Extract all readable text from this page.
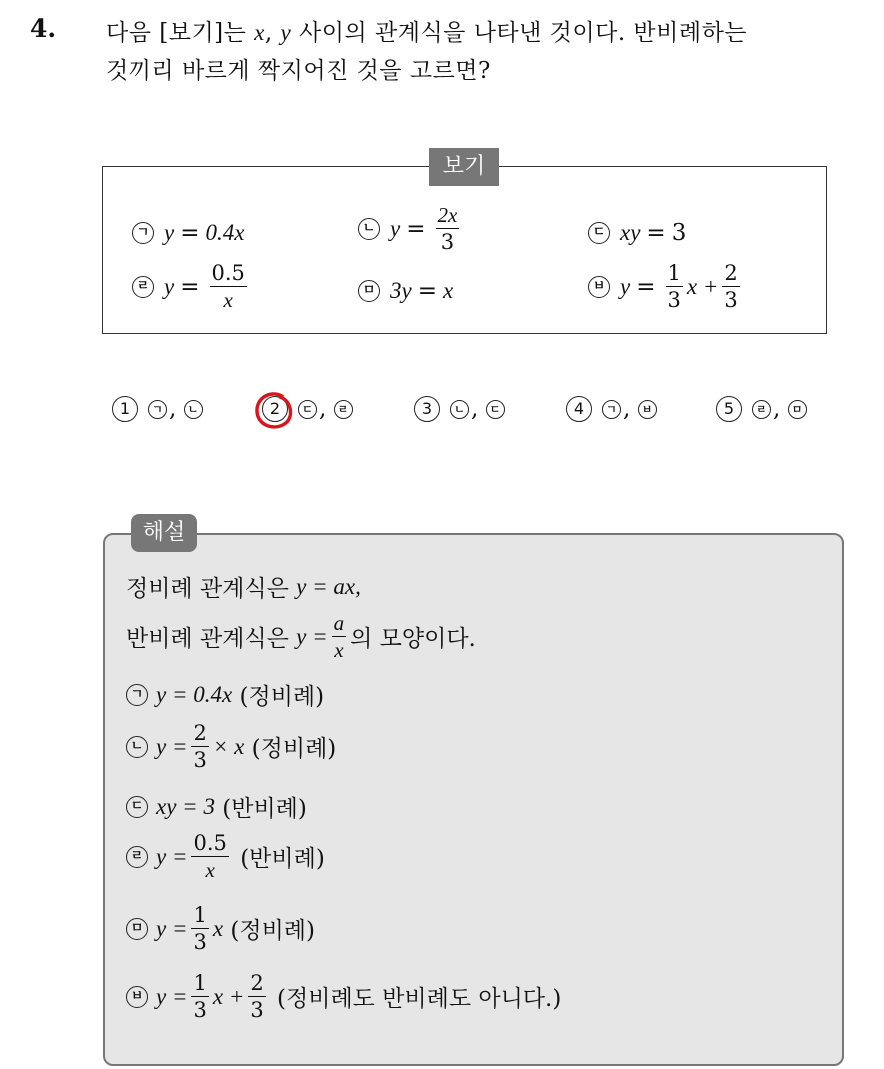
4. 다음 [보기]는 x, y 사이의 관계식을 나타낸 것이다. 반비례하는
것끼리 바르게 짝지어진 것을 고르면?
보기
ㄱ y = 0.4x	ㄴ $y = \frac{2x}{3}$	ㄷ xy = 3
ㄹ $y = \frac{0.5}{x}$	ㅁ 3y = x	ㅂ $y = \frac{1}{3}$ $x + \frac{2}{3}$
1	ㄱ ,
	ㄴ	2	ㄷ ,
	ㄹ	3	ㄴ ,
	ㄷ	4	ㄱ ,
	ㅂ	5	ㄹ ,
	ㅁ
해설
정비례 관계식은
y = ax,
반비례 관계식은
$y = \frac{a}{x}$ 의 모양이다.
ㄱ y = 0.4x
(정비례)
ㄴ $y = \frac{2}{3} \times x$
(정비례)
ㄷ xy = 3
(반비례)
ㄹ $y = \frac{0.5}{x}$
(반비례)
ㅁ $y = \frac{1}{3}$ x
(정비례)
ㅂ $y = \frac{1}{3}$ $x + \frac{2}{3}$
(정비례도 반비례도 아니다.)
